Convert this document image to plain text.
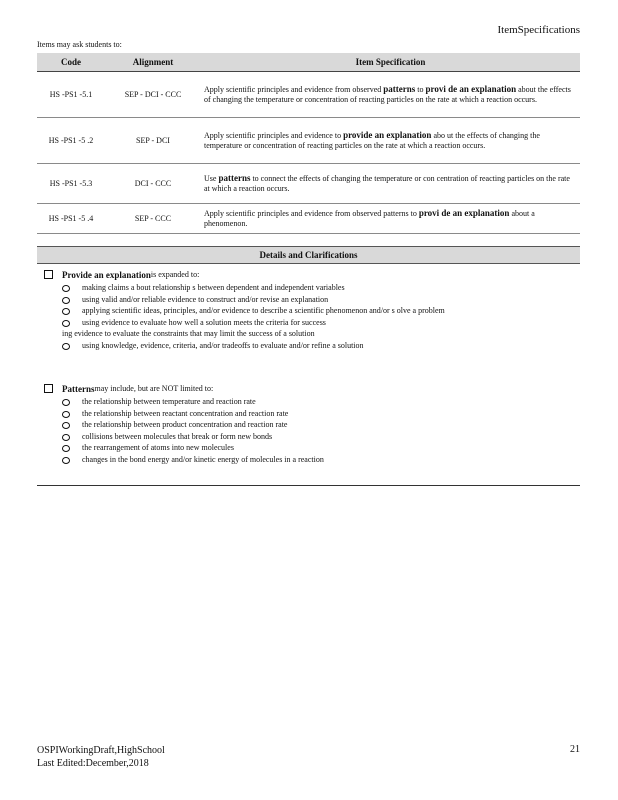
ItemSpecifications
Items may ask students to:
Code	Alignment	Item Specification
HS -PS1 -5.1	SEP - DCI - CCC	Apply scientific principles and evidence from observed patterns to provi de an explanation about the effects of changing the temperature or concentration of reacting particles on the rate at which a reaction occurs.
HS -PS1 -5 .2	SEP - DCI	Apply scientific principles and evidence to provide an explanation abo ut the effects of changing the temperature or concentration of reacting particles on the rate at which a reaction occurs.
HS -PS1 -5.3	DCI - CCC	Use patterns to connect the effects of changing the temperature or con centration of reacting particles on the rate at which a reaction occurs.
HS -PS1 -5 .4	SEP - CCC	Apply scientific principles and evidence from observed patterns to provi de an explanation about a phenomenon.
Details and Clarifications
Provide an explanation is expanded to:
making claims a bout relationship s between dependent and independent variables
using valid and/or reliable evidence to construct and/or revise an explanation
applying scientific ideas, principles, and/or evidence to describe a scientific phenomenon and/or s olve a problem
using evidence to evaluate how well a solution meets the criteria for success
ing evidence to evaluate the constraints that may limit the success of a solution
using knowledge, evidence, criteria, and/or tradeoffs to evaluate and/or refine a solution
Patterns may include, but are NOT limited to:
the relationship between temperature and reaction rate
the relationship between reactant concentration and reaction rate
the relationship between product concentration and reaction rate
collisions between molecules that break or form new bonds
the rearrangement of atoms into new molecules
changes in the bond energy and/or kinetic energy of molecules in a reaction
OSPIWorkingDraft,HighSchool
Last Edited:December,2018
21
